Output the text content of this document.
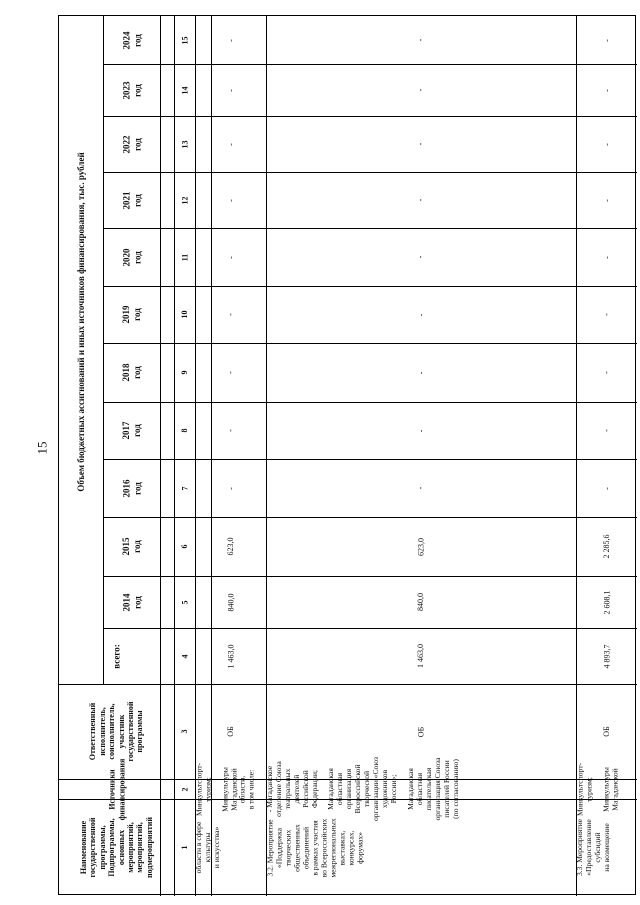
15	Объем бюджетных ассигнований и иных источников финансирования, тыс. рублей
2014 год
2015 год
2016 год
2017 год
2018 год
2019 год
2020 год
2021 год
2022 год
2023 год
2024 год
всего:
Источники финансирования
Ответственный исполнитель, соисполнитель, участник государственной программы
Наименование государственной программы, Подпрограммы, основных мероприятий, мероприятий, подмероприятий	1
2
3
4
5
6
7
8
9
10
11
12
13
14
15
областн в сфере культуры и искусства»
Минкультспорт- туризм; Минкультуры Магаданской области, в том числе:
ОБ
1 463,0
840,0
623,0
-
-
-
-
-
-
-
-
-
3.2. Мероприятие «Поддержка творческих общественных объединений в рамках участия во Всероссийских межрегиональных выставках, конкурсах, форумах»
- Магаданское отделение Союза театральных деятелей Российской Федерации; Магаданская областная организация Всероссийской творческой организации «Союз художников России»; Магаданская областная писательская организация Союза писателей России (по согласованию)
ОБ
1 463,0
840,0
623,0
-
-
-
-
-
-
-
-
-
3.3. Мероприятие «Предоставление субсидий на возмещение
Минкультспорт- туризм; Минкультуры Магаданской
ОБ
4 893,7
2 608,1
2 285,6
-
-
-
-
-
-
-
-
-
